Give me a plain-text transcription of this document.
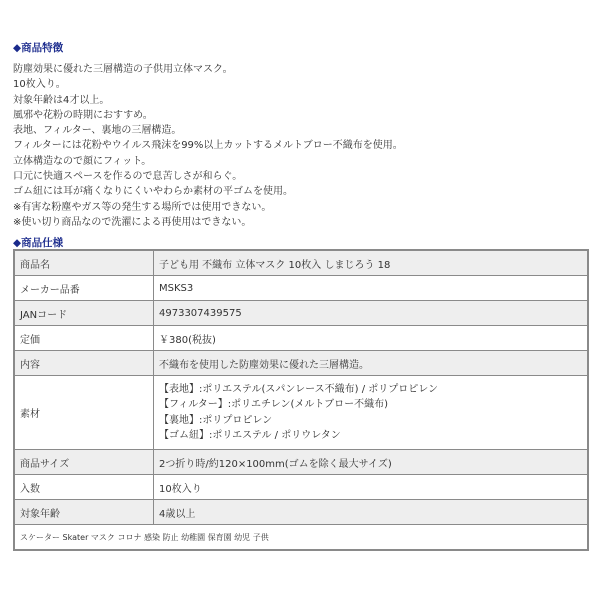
◆商品特徴
防塵効果に優れた三層構造の子供用立体マスク。
10枚入り。
対象年齢は4才以上。
風邪や花粉の時期におすすめ。
表地、フィルター、裏地の三層構造。
フィルターには花粉やウイルス飛沫を99%以上カットするメルトブロー不織布を使用。
立体構造なので顔にフィット。
口元に快適スペースを作るので息苦しさが和らぐ。
ゴム紐には耳が痛くなりにくいやわらか素材の平ゴムを使用。
※有害な粉塵やガス等の発生する場所では使用できない。
※使い切り商品なので洗濯による再使用はできない。
◆商品仕様
商品名	子ども用 不織布 立体マスク 10枚入 しまじろう 18
メーカー品番	MSKS3
JANコード	4973307439575
定価	￥380(税抜)
内容	不織布を使用した防塵効果に優れた三層構造。
素材	【表地】:ポリエステル(スパンレース不織布) / ポリプロピレン
【フィルター】:ポリエチレン(メルトブロー不織布)
【裏地】:ポリプロピレン
【ゴム紐】:ポリエステル / ポリウレタン

商品サイズ	2つ折り時/約120×100mm(ゴムを除く最大サイズ)
入数	10枚入り
対象年齢	4歳以上
スケーター Skater マスク コロナ 感染 防止 幼稚園 保育園 幼児 子供	
